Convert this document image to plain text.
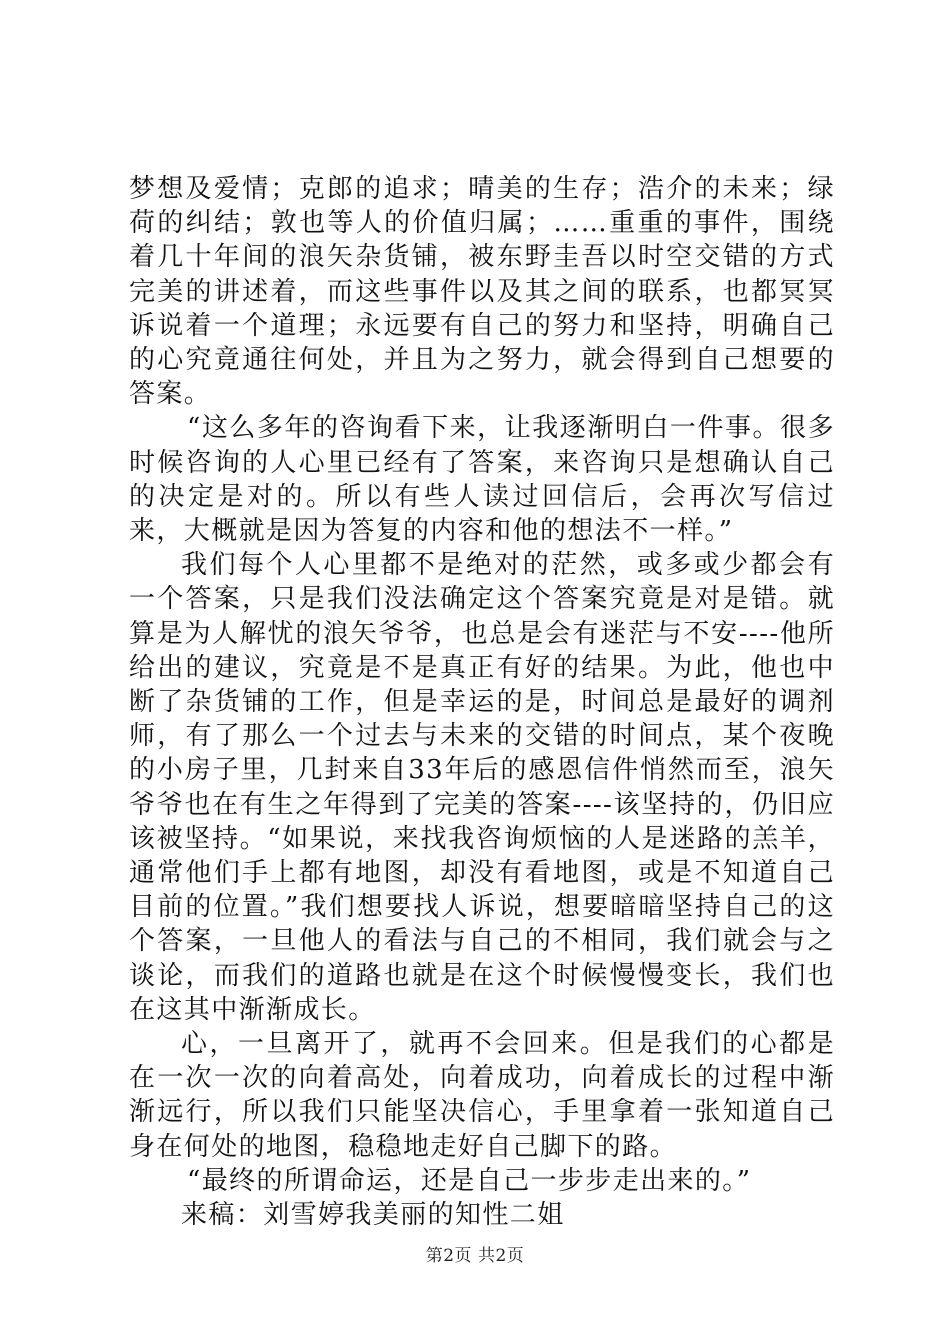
梦想及爱情；克郎的追求；晴美的生存；浩介的未来；绿荷的纠结；敦也等人的价值归属；……重重的事件，围绕着几十年间的浪矢杂货铺，被东野圭吾以时空交错的方式完美的讲述着，而这些事件以及其之间的联系，也都冥冥诉说着一个道理；永远要有自己的努力和坚持，明确自己的心究竟通往何处，并且为之努力，就会得到自己想要的答案。

“这么多年的咨询看下来，让我逐渐明白一件事。很多时候咨询的人心里已经有了答案，来咨询只是想确认自己的决定是对的。所以有些人读过回信后，会再次写信过来，大概就是因为答复的内容和他的想法不一样。”

我们每个人心里都不是绝对的茫然，或多或少都会有一个答案，只是我们没法确定这个答案究竟是对是错。就算是为人解忧的浪矢爷爷，也总是会有迷茫与不安----他所给出的建议，究竟是不是真正有好的结果。为此，他也中断了杂货铺的工作，但是幸运的是，时间总是最好的调剂师，有了那么一个过去与未来的交错的时间点，某个夜晚的小房子里，几封来自33年后的感恩信件悄然而至，浪矢爷爷也在有生之年得到了完美的答案----该坚持的，仍旧应该被坚持。“如果说，来找我咨询烦恼的人是迷路的羔羊，通常他们手上都有地图，却没有看地图，或是不知道自己目前的位置。”我们想要找人诉说，想要暗暗坚持自己的这个答案，一旦他人的看法与自己的不相同，我们就会与之谈论，而我们的道路也就是在这个时候慢慢变长，我们也在这其中渐渐成长。

心，一旦离开了，就再不会回来。但是我们的心都是在一次一次的向着高处，向着成功，向着成长的过程中渐渐远行，所以我们只能坚决信心，手里拿着一张知道自己身在何处的地图，稳稳地走好自己脚下的路。

“最终的所谓命运，还是自己一步步走出来的。”

来稿：刘雪婷我美丽的知性二姐

第2页 共2页
